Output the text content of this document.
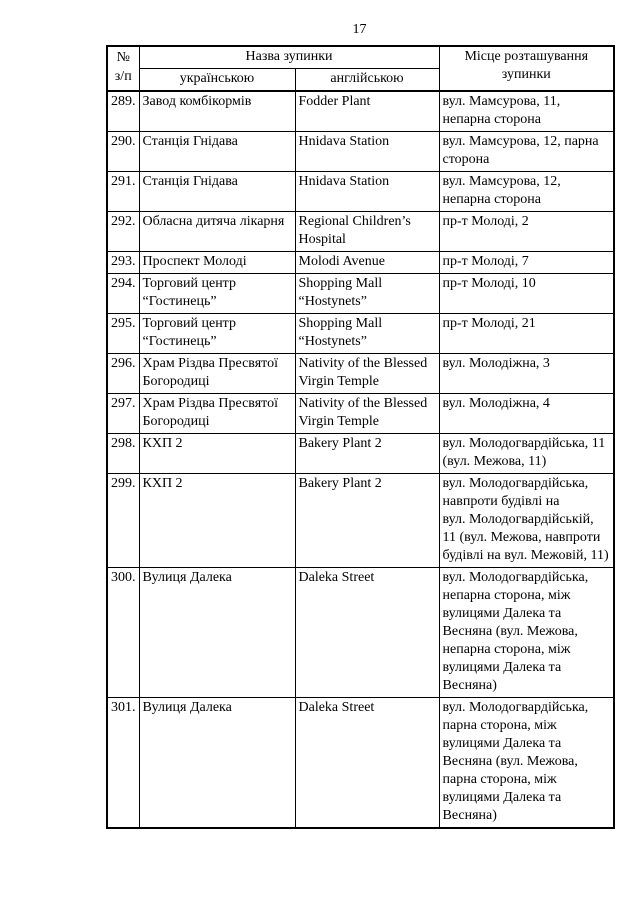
17
№
з/п	Назва зупинки		Місце розташування зупинки
	українською	англійською	
289.	Завод комбікормів	Fodder Plant	вул. Мамсурова, 11, непарна сторона
290.	Станція Гнідава	Hnidava Station	вул. Мамсурова, 12, парна сторона
291.	Станція Гнідава	Hnidava Station	вул. Мамсурова, 12, непарна сторона
292.	Обласна дитяча лікарня	Regional Children’s Hospital	пр-т Молоді, 2
293.	Проспект Молоді	Molodi Avenue	пр-т Молоді, 7
294.	Торговий центр “Гостинець”	Shopping Mall “Hostynets”	пр-т Молоді, 10
295.	Торговий центр “Гостинець”	Shopping Mall “Hostynets”	пр-т Молоді, 21
296.	Храм Різдва Пресвятої Богородиці	Nativity of the Blessed Virgin Temple	вул. Молодіжна, 3
297.	Храм Різдва Пресвятої Богородиці	Nativity of the Blessed Virgin Temple	вул. Молодіжна, 4
298.	КХП 2	Bakery Plant 2	вул. Молодогвардійська, 11 (вул. Межова, 11)
299.	КХП 2	Bakery Plant 2	вул. Молодогвардійська, навпроти будівлі на вул. Молодогвардійській, 11 (вул. Межова, навпроти будівлі на вул. Межовій, 11)
300.	Вулиця Далека	Daleka Street	вул. Молодогвардійська, непарна сторона, між вулицями Далека та Весняна (вул. Межова, непарна сторона, між вулицями Далека та Весняна)
301.	Вулиця Далека	Daleka Street	вул. Молодогвардійська, парна сторона, між вулицями Далека та Весняна (вул. Межова, парна сторона, між вулицями Далека та Весняна)
